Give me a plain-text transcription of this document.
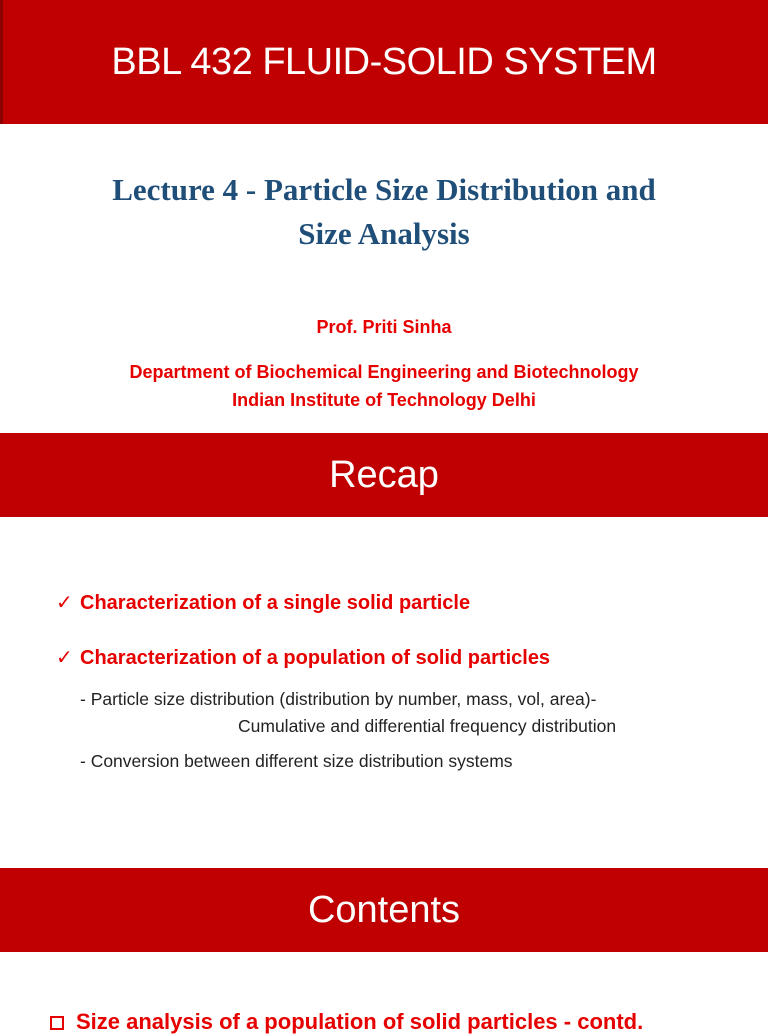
BBL 432 FLUID-SOLID SYSTEM
Lecture 4 - Particle Size Distribution and
Size Analysis
Prof. Priti Sinha
Department of Biochemical Engineering and Biotechnology
Indian Institute of Technology Delhi
Recap
✓ Characterization of a single solid particle
✓ Characterization of a population of solid particles
- Particle size distribution (distribution by number, mass, vol, area)-
Cumulative and differential frequency distribution
- Conversion between different size distribution systems
Contents
Size analysis of a population of solid particles - contd.
